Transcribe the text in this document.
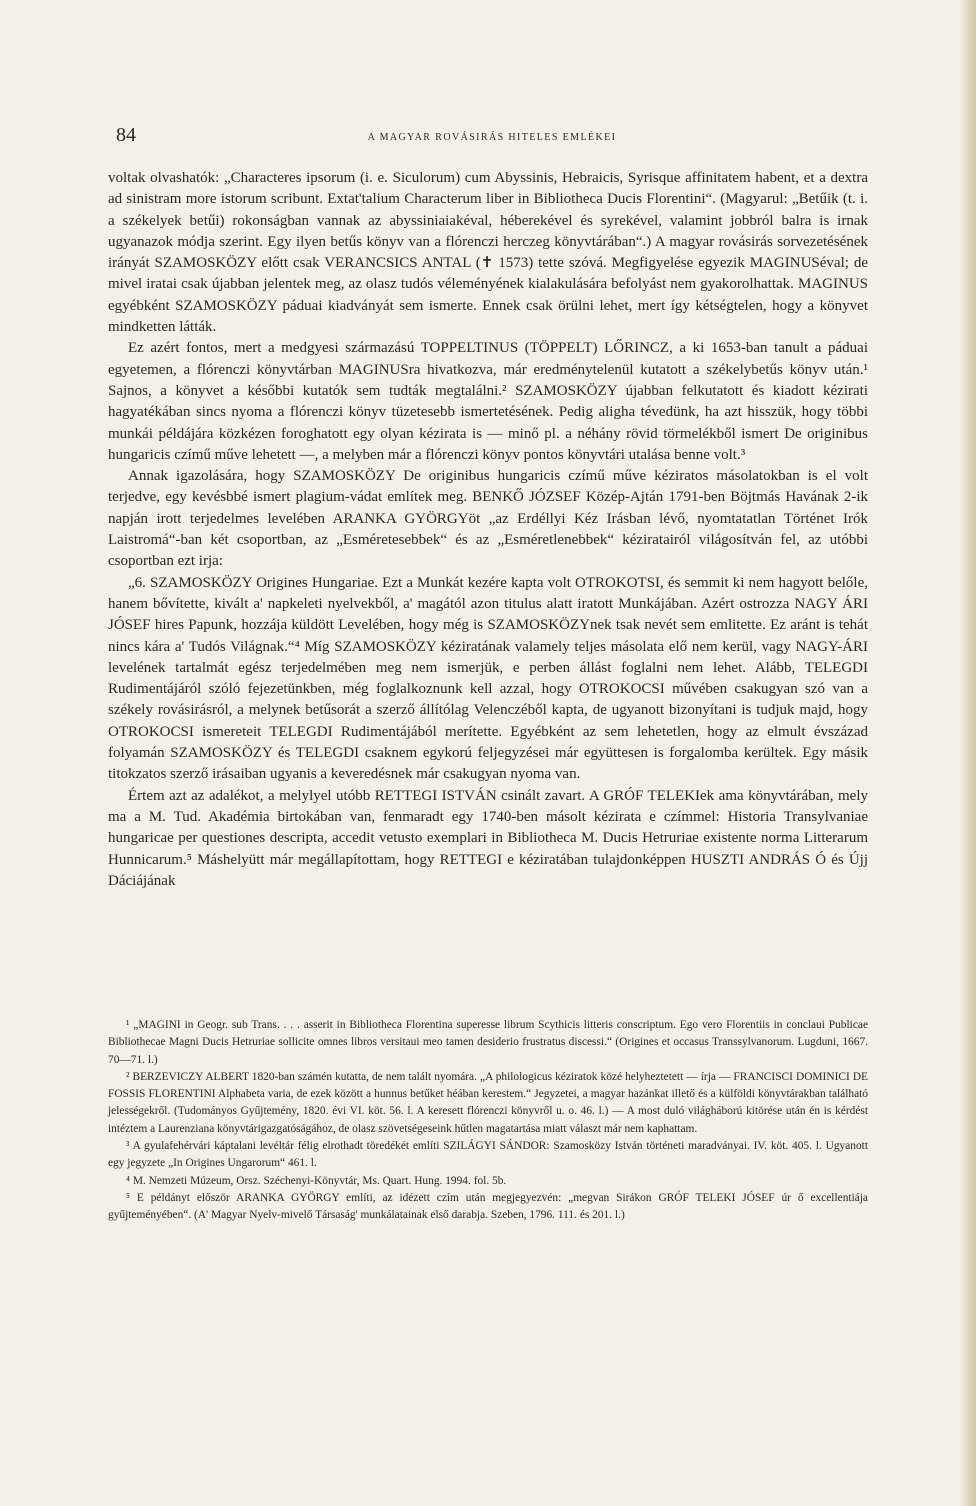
84	A MAGYAR ROVÁSIRÁS HITELES EMLÉKEI

voltak olvashatók: „Characteres ipsorum (i. e. Siculorum) cum Abyssinis, Hebraicis, Syrisque affinitatem habent, et a dextra ad sinistram more istorum scribunt. Extat'talium Characterum liber in Bibliotheca Ducis Florentini“. (Magyarul: „Betűik (t. i. a székelyek betűi) rokonságban vannak az abyssiniaiakéval, héberekével és syrekével, valamint jobbról balra is irnak ugyanazok módja szerint. Egy ilyen betűs könyv van a flórenczi herczeg könyvtárában“.) A magyar rovásirás sorvezetésének irányát SZAMOSKÖZY előtt csak VERANCSICS ANTAL (✝ 1573) tette szóvá. Megfigyelése egyezik MAGINUSéval; de mivel iratai csak újabban jelentek meg, az olasz tudós véleményének kialakulására befolyást nem gyakorolhattak. MAGINUS egyébként SZAMOSKÖZY páduai kiadványát sem ismerte. Ennek csak örülni lehet, mert így kétségtelen, hogy a könyvet mindketten látták.

Ez azért fontos, mert a medgyesi származású TOPPELTINUS (TÖPPELT) LŐRINCZ, a ki 1653-ban tanult a páduai egyetemen, a flórenczi könyvtárban MAGINUSra hivatkozva, már eredménytelenül kutatott a székelybetűs könyv után.¹ Sajnos, a könyvet a későbbi kutatók sem tudták megtalálni.² SZAMOSKÖZY újabban felkutatott és kiadott kézirati hagyatékában sincs nyoma a flórenczi könyv tüzetesebb ismertetésének. Pedig aligha tévedünk, ha azt hisszük, hogy többi munkái példájára közkézen foroghatott egy olyan kézirata is — minő pl. a néhány rövid törmelékből ismert De originibus hungaricis czímű műve lehetett —, a melyben már a flórenczi könyv pontos könyvtári utalása benne volt.³

Annak igazolására, hogy SZAMOSKÖZY De originibus hungaricis czímű műve kéziratos másolatokban is el volt terjedve, egy kevésbbé ismert plagium-vádat említek meg. BENKŐ JÓZSEF Közép-Ajtán 1791-ben Böjtmás Havának 2-ik napján irott terjedelmes levelében ARANKA GYÖRGYöt „az Erdéllyi Kéz Irásban lévő, nyomtatatlan Történet Irók Laistromá“-ban két csoportban, az „Esméretesebbek“ és az „Esméretlenebbek“ kéziratairól világosítván fel, az utóbbi csoportban ezt irja:

„6. SZAMOSKÖZY Origines Hungariae. Ezt a Munkát kezére kapta volt OTROKOTSI, és semmit ki nem hagyott belőle, hanem bővítette, kivált a' napkeleti nyelvekből, a' magától azon titulus alatt iratott Munkájában. Azért ostrozza NAGY ÁRI JÓSEF hires Papunk, hozzája küldött Levelében, hogy még is SZAMOSKÖZYnek tsak nevét sem emlitette. Ez aránt is tehát nincs kára a' Tudós Világnak.“⁴ Míg SZAMOSKÖZY kéziratának valamely teljes másolata elő nem kerül, vagy NAGY-ÁRI levelének tartalmát egész terjedelmében meg nem ismerjük, e perben állást foglalni nem lehet. Alább, TELEGDI Rudimentájáról szóló fejezetünkben, még foglalkoznunk kell azzal, hogy OTROKOCSI művében csakugyan szó van a székely rovásirásról, a melynek betűsorát a szerző állítólag Velenczéből kapta, de ugyanott bizonyítani is tudjuk majd, hogy OTROKOCSI ismereteit TELEGDI Rudimentájából merítette. Egyébként az sem lehetetlen, hogy az elmult évszázad folyamán SZAMOSKÖZY és TELEGDI csaknem egykorú feljegyzései már együttesen is forgalomba kerültek. Egy másik titokzatos szerző irásaiban ugyanis a keveredésnek már csakugyan nyoma van.

Értem azt az adalékot, a melylyel utóbb RETTEGI ISTVÁN csinált zavart. A GRÓF TELEKIek ama könyvtárában, mely ma a M. Tud. Akadémia birtokában van, fenmaradt egy 1740-ben másolt kézirata e czímmel: Historia Transylvaniae hungaricae per questiones descripta, accedit vetusto exemplari in Bibliotheca M. Ducis Hetruriae existente norma Litterarum Hunnicarum.⁵ Máshelyütt már megállapítottam, hogy RETTEGI e kéziratában tulajdonképpen HUSZTI ANDRÁS Ó és Újj Dáciájának

¹ „MAGINI in Geogr. sub Trans. . . . asserit in Bibliotheca Florentina superesse librum Scythicis litteris conscriptum. Ego vero Florentiis in conclaui Publicae Bibliothecae Magni Ducis Hetruriae sollicite omnes libros versitaui meo tamen desiderio frustratus discessi.“ (Origines et occasus Transsylvanorum. Lugduni, 1667. 70—71. l.)

² BERZEVICZY ALBERT 1820-ban számén kutatta, de nem talált nyomára. „A philologicus kéziratok közé helyheztetett — írja — FRANCISCI DOMINICI DE FOSSIS FLORENTINI Alphabeta varia, de ezek között a hunnus betűket héában kerestem.“ Jegyzetei, a magyar hazánkat illető és a külföldi könyvtárakban található jelességekről. (Tudományos Gyűjtemény, 1820. évi VI. köt. 56. l. A keresett flórenczi könyvről u. o. 46. l.) — A most duló világháború kitörése után én is kérdést intéztem a Laurenziana könyvtárigazgatóságához, de olasz szövetségeseink hűtlen magatartása miatt választ már nem kaphattam.

³ A gyulafehérvári káptalani levéltár félig elrothadt töredékét említi SZILÁGYI SÁNDOR: Szamosközy István történeti maradványai. IV. köt. 405. l. Ugyanott egy jegyzete „In Origines Ungarorum“ 461. l.

⁴ M. Nemzeti Múzeum, Orsz. Széchenyi-Könyvtár, Ms. Quart. Hung. 1994. fol. 5b.

⁵ E példányt először ARANKA GYÖRGY említi, az idézett czím után megjegyezvén: „megvan Sirákon GRÓF TELEKI JÓSEF úr ő excellentiája gyűjteményében“. (A' Magyar Nyelv-mivelő Társaság' munkálatainak első darabja. Szeben, 1796. 111. és 201. l.)
